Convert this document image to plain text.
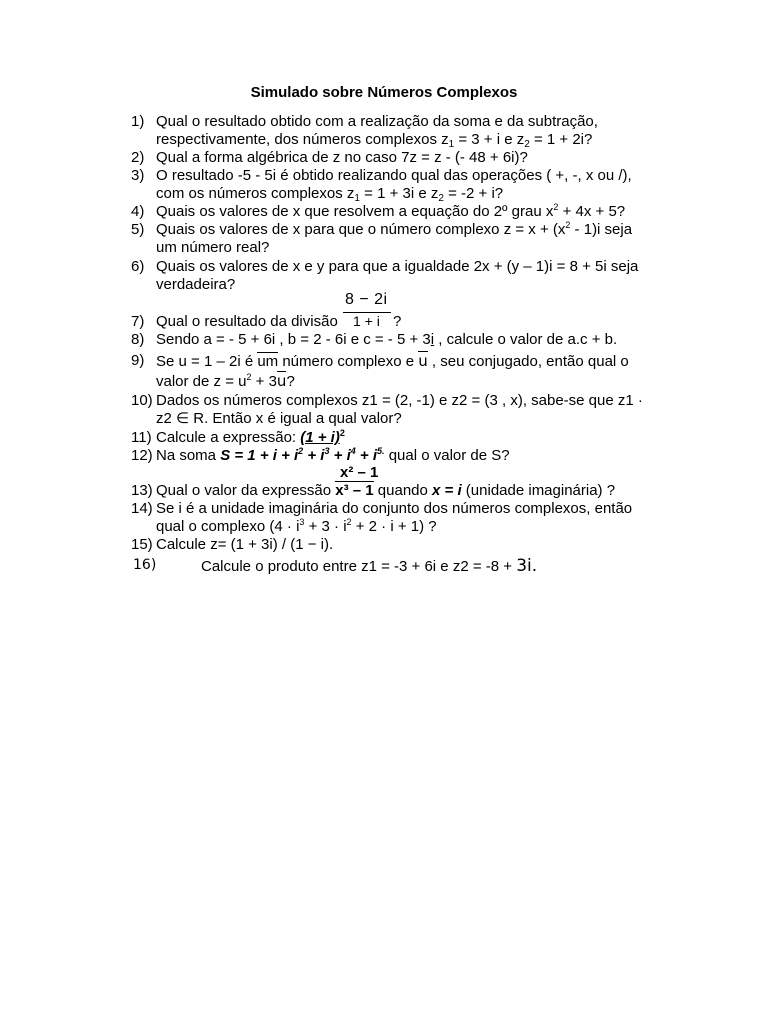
Simulado sobre Números Complexos
1) Qual o resultado obtido com a realização da soma e da subtração,
respectivamente, dos números complexos $z_1 = 3 + i$ e $z_2 = 1 + 2i$?
2) Qual a forma algébrica de z no caso 7z = z - (- 48 + 6i)?
3) O resultado -5 - 5i é obtido realizando qual das operações ( +, -, x ou /),
com os números complexos $z_1 = 1 + 3i$ e $z_2 = -2 + i$?
4) Quais os valores de x que resolvem a equação do 2º grau $x^2 + 4x + 5$?
5) Quais os valores de x para que o número complexo $z = x + (x^2 - 1)i$ seja
um número real?
6) Quais os valores de x e y para que a igualdade 2x + (y – 1)i = 8 + 5i seja
verdadeira?
8 − 2i
1 + i
7) Qual o resultado da divisão	?
8) Sendo a = - 5 + 6i , b = 2 - 6i e c = - 5 + 3i , calcule o valor de a.c + b.
9) Se u = 1 – 2i é um número complexo e u , seu conjugado, então qual o
valor de $z = u^2 + 3u$?
10) Dados os números complexos z1 = (2, -1) e z2 = (3 , x), sabe-se que z1 ·
z2 ∈ R. Então x é igual a qual valor?
11) Calcule a expressão: $(1 + i)^2$
12) Na soma $S = 1 + i + i^2 + i^3 + i^4 + i^{5.}$ qual o valor de S?
x² – 1
13) Qual o valor da expressão x³ – 1 quando x = i (unidade imaginária) ?
14) Se i é a unidade imaginária do conjunto dos números complexos, então
qual o complexo $(4 \cdot i^3 + 3 \cdot i^2 + 2 \cdot i + 1)$ ?
15) Calcule z= (1 + 3i) / (1 − i).
16)	Calcule o produto entre z1 = -3 + 6i e z2 = -8 + 3i.
